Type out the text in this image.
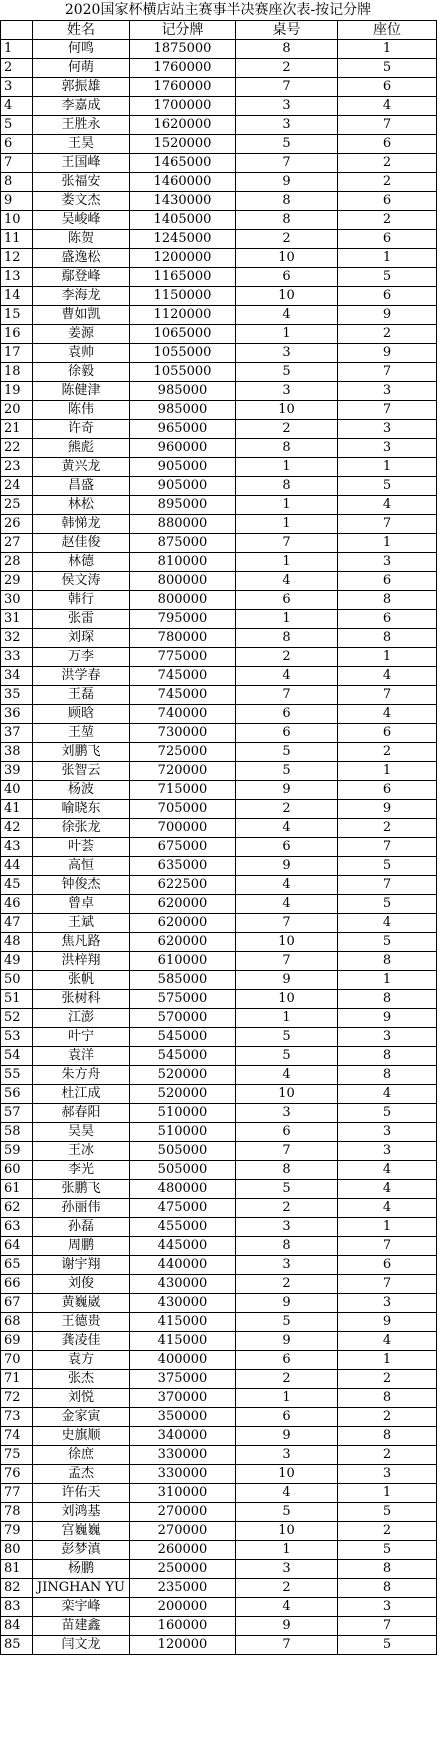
2020国家杯横店站主赛事半决赛座次表-按记分牌
	姓名	记分牌	桌号	座位
1	何鸣	1875000	8	1
2	何萌	1760000	2	5
3	郭振雄	1760000	7	6
4	李嘉成	1700000	3	4
5	王胜永	1620000	3	7
6	王昊	1520000	5	6
7	王国峰	1465000	7	2
8	张福安	1460000	9	2
9	娄文杰	1430000	8	6
10	吴峻峰	1405000	8	2
11	陈贺	1245000	2	6
12	盛逸松	1200000	10	1
13	鄢登峰	1165000	6	5
14	李海龙	1150000	10	6
15	曹如凯	1120000	4	9
16	姜源	1065000	1	2
17	袁帅	1055000	3	9
18	徐毅	1055000	5	7
19	陈健津	985000	3	3
20	陈伟	985000	10	7
21	许奇	965000	2	3
22	熊彪	960000	8	3
23	黄兴龙	905000	1	1
24	昌盛	905000	8	5
25	林松	895000	1	4
26	韩悌龙	880000	1	7
27	赵佳俊	875000	7	1
28	林德	810000	1	3
29	侯文涛	800000	4	6
30	韩行	800000	6	8
31	张雷	795000	1	6
32	刘琛	780000	8	8
33	万李	775000	2	1
34	洪学春	745000	4	4
35	王磊	745000	7	7
36	顾晗	740000	6	4
37	王堃	730000	6	6
38	刘鹏飞	725000	5	2
39	张智云	720000	5	1
40	杨波	715000	9	6
41	喻晓东	705000	2	9
42	徐张龙	700000	4	2
43	叶荟	675000	6	7
44	高恒	635000	9	5
45	钟俊杰	622500	4	7
46	曾卓	620000	4	5
47	王斌	620000	7	4
48	焦凡路	620000	10	5
49	洪梓翔	610000	7	8
50	张帆	585000	9	1
51	张树科	575000	10	8
52	江澎	570000	1	9
53	叶宁	545000	5	3
54	袁洋	545000	5	8
55	朱方舟	520000	4	8
56	杜江成	520000	10	4
57	郝春阳	510000	3	5
58	吴昊	510000	6	3
59	王冰	505000	7	3
60	李光	505000	8	4
61	张鹏飞	480000	5	4
62	孙丽伟	475000	2	4
63	孙磊	455000	3	1
64	周鹏	445000	8	7
65	谢宇翔	440000	3	6
66	刘俊	430000	2	7
67	黄巍崴	430000	9	3
68	王德贵	415000	5	9
69	龚凌佳	415000	9	4
70	袁方	400000	6	1
71	张杰	375000	2	2
72	刘悦	370000	1	8
73	金家寅	350000	6	2
74	史旗顺	340000	9	8
75	徐庶	330000	3	2
76	孟杰	330000	10	3
77	许佑天	310000	4	1
78	刘鸿基	270000	5	5
79	宫巍巍	270000	10	2
80	彭梦滇	260000	1	5
81	杨鹏	250000	3	8
82	JINGHAN YU	235000	2	8
83	栾宇峰	200000	4	3
84	苗建鑫	160000	9	7
85	闫文龙	120000	7	5
